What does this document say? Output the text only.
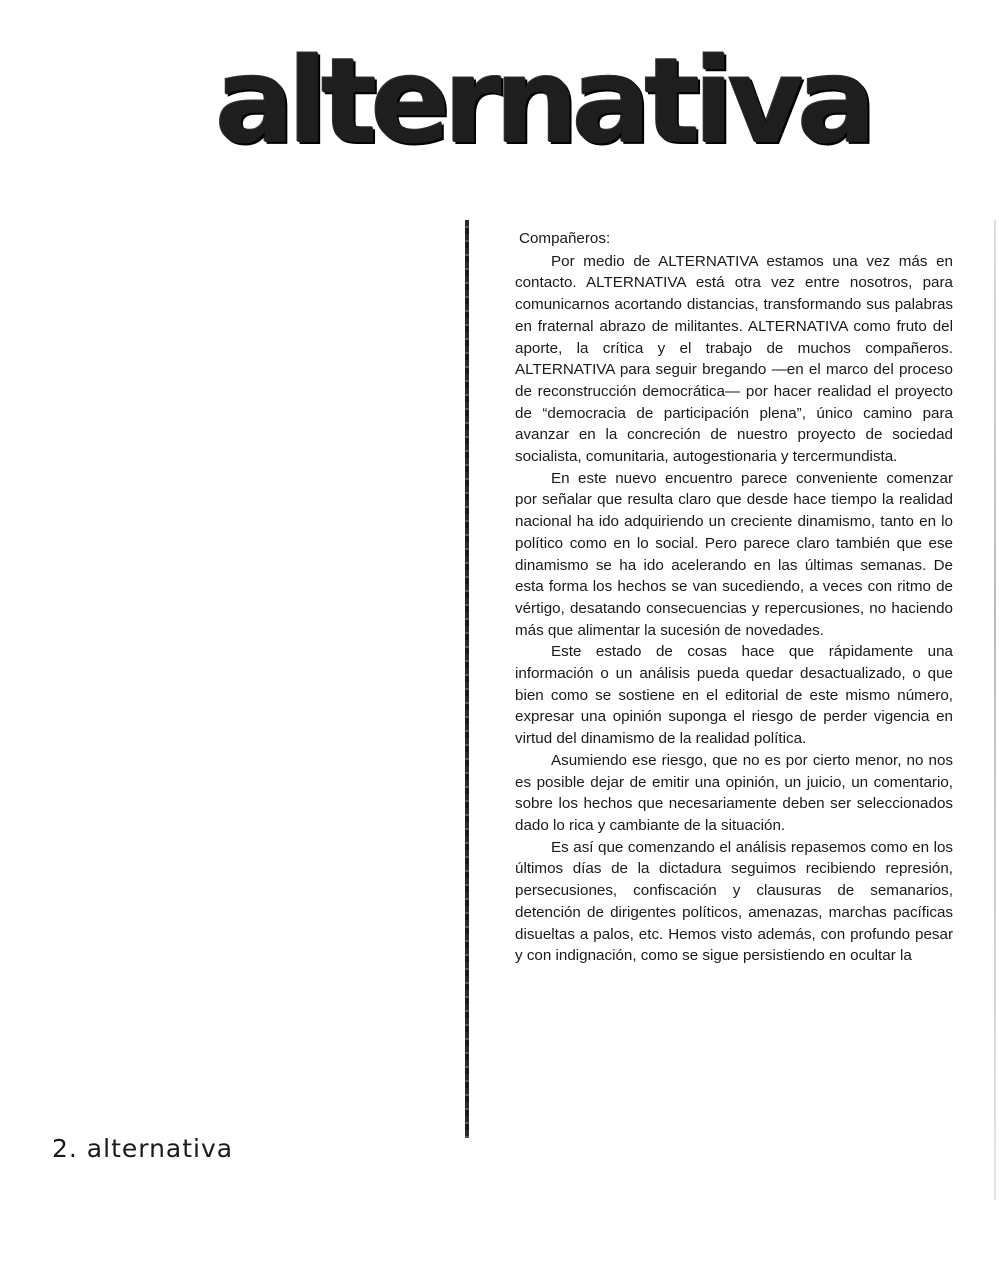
alternativa

Compañeros:

Por medio de ALTERNATIVA estamos una vez más en contacto. ALTERNATIVA está otra vez entre nosotros, para comunicarnos acortando distancias, transformando sus palabras en fraternal abrazo de militantes. ALTERNATIVA como fruto del aporte, la crítica y el trabajo de muchos compañeros. ALTERNATIVA para seguir bregando —en el marco del proceso de reconstrucción democrática— por hacer realidad el proyecto de “democracia de participación plena”, único camino para avanzar en la concreción de nuestro proyecto de sociedad socialista, comunitaria, autogestionaria y tercermundista.

En este nuevo encuentro parece conveniente comenzar por señalar que resulta claro que desde hace tiempo la realidad nacional ha ido adquiriendo un creciente dinamismo, tanto en lo político como en lo social. Pero parece claro también que ese dinamismo se ha ido acelerando en las últimas semanas. De esta forma los hechos se van sucediendo, a veces con ritmo de vértigo, desatando consecuencias y repercusiones, no haciendo más que alimentar la sucesión de novedades.

Este estado de cosas hace que rápidamente una información o un análisis pueda quedar desactualizado, o que bien como se sostiene en el editorial de este mismo número, expresar una opinión suponga el riesgo de perder vigencia en virtud del dinamismo de la realidad política.

Asumiendo ese riesgo, que no es por cierto menor, no nos es posible dejar de emitir una opinión, un juicio, un comentario, sobre los hechos que necesariamente deben ser seleccionados dado lo rica y cambiante de la situación.

Es así que comenzando el análisis repasemos como en los últimos días de la dictadura seguimos recibiendo represión, persecusiones, confiscación y clausuras de semanarios, detención de dirigentes políticos, amenazas, marchas pacíficas disueltas a palos, etc. Hemos visto además, con profundo pesar y con indignación, como se sigue persistiendo en ocultar la

2. alternativa
